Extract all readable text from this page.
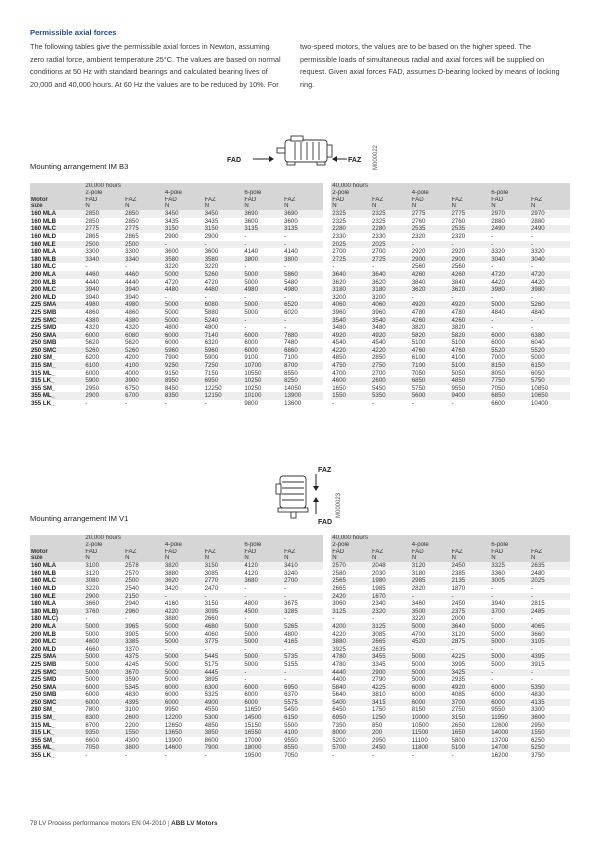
Permissible axial forces
The following tables give the permissible axial forces in Newton, assuming zero radial force, ambient temperature 25°C. The values are based on normal conditions at 50 Hz with standard bearings and calculated bearing lives of 20,000 and 40,000 hours. At 60 Hz the values are to be reduced by 10%. For
two-speed motors, the values are to be based on the higher speed. The permissible loads of simultaneous radial and axial forces will be supplied on request. Given axial forces FAD, assumes D-bearing locked by means of locking ring.
FAD	FAZ M000022
Mounting arrangement IM B3
	20,000 hours							40,000 hours					
	2-pole		4-pole		6-pole			2-pole		4-pole		6-pole	
Motor	FAD	FAZ	FAD	FAZ	FAD	FAZ		FAD	FAZ	FAD	FAZ	FAD	FAZ
size	N	N	N	N	N	N		N	N	N	N	N	N
160 MLA	2850	2850	3450	3450	3690	3690		2325	2325	2775	2775	2970	2970
160 MLB	2850	2850	3435	3435	3600	3600		2325	2325	2760	2760	2880	2880
160 MLC	2775	2775	3150	3150	3135	3135		2280	2280	2535	2535	2490	2490
160 MLD	2865	2865	2900	2900	-	-		2330	2330	2320	2320	-	-
160 MLE	2500	2500	-	-	-	-		2025	2025	-	-	-	-
180 MLA	3300	3300	3600	3600	4140	4140		2700	2700	2920	2920	3320	3320
180 MLB	3340	3340	3580	3580	3800	3800		2725	2725	2900	2900	3040	3040
180 MLC	-	-	3220	3220	-	-		-	-	2560	2560	-	-
200 MLA	4460	4460	5000	5260	5000	5860		3640	3640	4260	4260	4720	4720
200 MLB	4440	4440	4720	4720	5000	5480		3620	3620	3840	3840	4420	4420
200 MLC	3940	3940	4480	4480	4980	4980		3180	3180	3620	3620	3980	3980
200 MLD	3940	3940	-	-	-	-		3200	3200	-	-	-	-
225 SMA	4980	4980	5000	6080	5000	6520		4060	4060	4920	4920	5000	5260
225 SMB	4860	4860	5000	5880	5000	6020		3960	3960	4780	4780	4840	4840
225 SMC	4380	4380	5000	5240	-	-		3540	3540	4260	4260	-	-
225 SMD	4320	4320	4800	4800	-	-		3480	3480	3820	3820	-	-
250 SMA	6000	6080	6000	7140	6000	7880		4920	4920	5820	5820	6000	6380
250 SMB	5620	5620	6000	6320	6000	7480		4540	4540	5100	5100	6000	6040
250 SMC	5260	5260	5960	5960	6000	6860		4220	4220	4760	4760	5520	5520
280 SM_	6200	4200	7900	5900	9100	7100		4850	2850	6100	4100	7000	5000
315 SM_	6100	4100	9250	7250	10700	8700		4750	2750	7100	5100	8150	6150
315 ML_	6000	4000	9150	7150	10550	8550		4700	2700	7050	5050	8050	6050
315 LK_	5900	3900	8950	6950	10250	8250		4600	2600	6850	4850	7750	5750
355 SM_	2950	6750	8450	12250	10250	14050		1650	5450	5750	9550	7050	10850
355 ML_	2900	6700	8350	12150	10100	13900		1550	5350	5600	9400	6850	10650
355 LK_	-	-	-	-	9800	13600		-	-	-	-	6600	10400
FAZ
FAD
M000023
Mounting arrangement IM V1
	20,000 hours							40,000 hours					
	2-pole		4-pole		6-pole			2-pole		4-pole		6-pole	
Motor	FAD	FAZ	FAD	FAZ	FAD	FAZ		FAD	FAZ	FAD	FAZ	FAD	FAZ
size	N	N	N	N	N	N		N	N	N	N	N	N
160 MLA	3100	2578	3820	3150	4120	3410		2570	2048	3120	2450	3325	2635
160 MLB	3120	2570	3880	3085	4120	3240		2580	2030	3180	2385	3360	2480
160 MLC	3080	2500	3620	2770	3680	2700		2565	1980	2985	2135	3005	2025
160 MLD	3220	2540	3420	2470	-	-		2665	1985	2820	1870	-	-
160 MLE	2900	2150	-	-	-	-		2420	1670	-	-	-	-
180 MLA	3660	2940	4160	3150	4800	3675		3060	2340	3460	2450	3940	2815
180 MLB)	3760	2960	4220	3095	4500	3285		3125	2320	3500	2375	3700	2485
180 MLC)	-	-	3880	2660	-	-		-	-	3220	2000	-	-
200 MLA	5000	3965	5000	4680	5000	5265		4200	3125	5000	3640	5000	4065
200 MLB	5000	3905	5000	4060	5000	4800		4220	3085	4700	3120	5000	3660
200 MLC	4600	3385	5000	3775	5000	4165		3880	2665	4520	2875	5000	3105
200 MLD	4660	3370	-	-	-	-		3925	2635	-	-	-	-
225 SMA	5000	4375	5000	5445	5000	5735		4780	3455	5000	4225	5000	4395
225 SMB	5000	4245	5000	5175	5000	5155		4780	3345	5000	3995	5000	3915
225 SMC	5000	3670	5000	4445	-	-		4440	2900	5000	3425	-	-
225 SMD	5000	3590	5000	3895	-	-		4400	2790	5000	2935	-	-
250 SMA	6000	5345	6000	6300	6000	6950		5840	4225	6000	4920	6000	5350
250 SMB	6000	4830	6000	5325	6000	6370		5640	3810	6000	4085	6000	4830
250 SMC	6000	4395	6000	4900	6000	5575		5400	3415	6000	3700	6000	4135
280 SM_	7800	3100	9950	4550	11650	5450		6450	1750	8150	2750	9550	3300
315 SM_	8300	2600	12200	5300	14500	6150		6950	1250	10000	3150	11950	3600
315 ML_	8700	2200	12650	4850	15150	5500		7350	850	10500	2650	12600	2950
315 LK_	9350	1550	13650	3850	16550	4100		8000	200	11500	1650	14000	1550
355 SM_	6600	4300	13900	8600	17000	9550		5200	2950	11100	5800	13700	6250
355 ML_	7050	3800	14600	7900	18000	8550		5700	2450	11800	5100	14700	5250
355 LK_	-	-	-	-	19500	7050		-	-	-	-	16200	3750
78 LV Process performance motors EN 04-2010 | ABB LV Motors
